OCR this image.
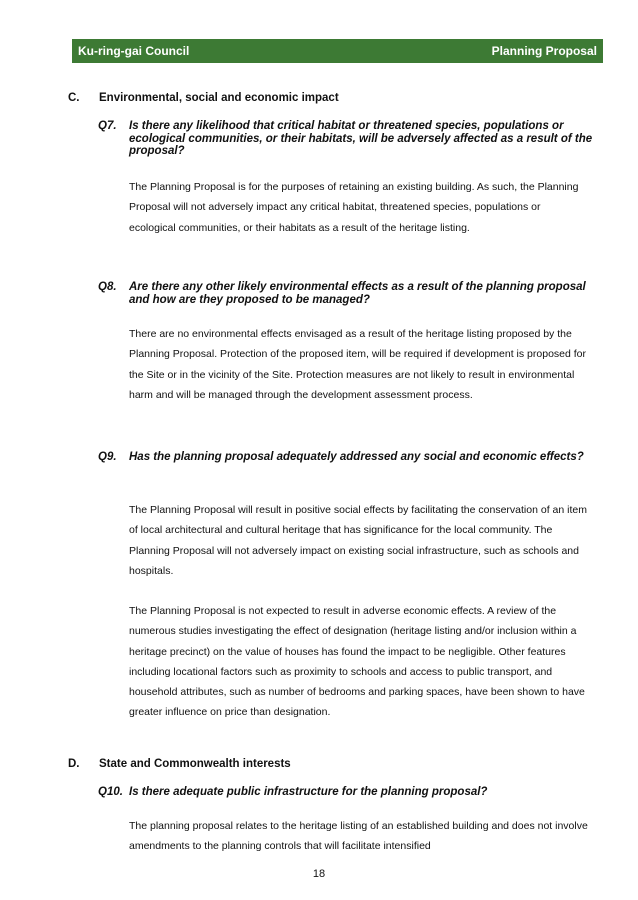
Ku-ring-gai Council	Planning Proposal
C. Environmental, social and economic impact
Q7. Is there any likelihood that critical habitat or threatened species, populations or ecological communities, or their habitats, will be adversely affected as a result of the proposal?

The Planning Proposal is for the purposes of retaining an existing building. As such, the Planning Proposal will not adversely impact any critical habitat, threatened species, populations or ecological communities, or their habitats as a result of the heritage listing.

Q8. Are there any other likely environmental effects as a result of the planning proposal and how are they proposed to be managed?

There are no environmental effects envisaged as a result of the heritage listing proposed by the Planning Proposal. Protection of the proposed item, will be required if development is proposed for the Site or in the vicinity of the Site. Protection measures are not likely to result in environmental harm and will be managed through the development assessment process.

Q9. Has the planning proposal adequately addressed any social and economic effects?

The Planning Proposal will result in positive social effects by facilitating the conservation of an item of local architectural and cultural heritage that has significance for the local community. The Planning Proposal will not adversely impact on existing social infrastructure, such as schools and hospitals.

The Planning Proposal is not expected to result in adverse economic effects. A review of the numerous studies investigating the effect of designation (heritage listing and/or inclusion within a heritage precinct) on the value of houses has found the impact to be negligible. Other features including locational factors such as proximity to schools and access to public transport, and household attributes, such as number of bedrooms and parking spaces, have been shown to have greater influence on price than designation.

D. State and Commonwealth interests
Q10. Is there adequate public infrastructure for the planning proposal?

The planning proposal relates to the heritage listing of an established building and does not involve amendments to the planning controls that will facilitate intensified

18
